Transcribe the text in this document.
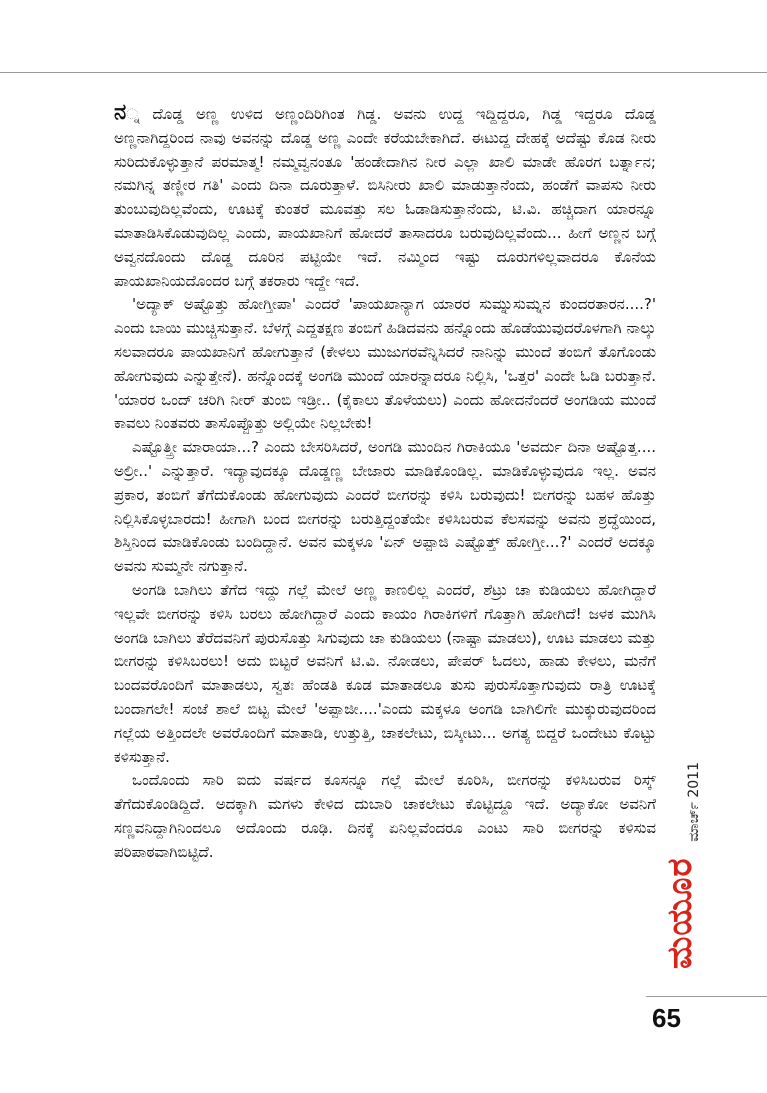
ನ್ನ ದೊಡ್ಡ ಅಣ್ಣ ಉಳಿದ ಅಣ್ಣಂದಿರಿಗಿಂತ ಗಿಡ್ಡ. ಅವನು ಉದ್ದ ಇದ್ದಿದ್ದರೂ, ಗಿಡ್ಡ ಇದ್ದರೂ ದೊಡ್ಡ ಅಣ್ಣನಾಗಿದ್ದರಿಂದ ನಾವು ಅವನನ್ನು ದೊಡ್ಡ ಅಣ್ಣ ಎಂದೇ ಕರೆಯಬೇಕಾಗಿದೆ. ಈಟುದ್ದ ದೇಹಕ್ಕೆ ಅದೆಷ್ಟು ಕೊಡ ನೀರು ಸುರಿದುಕೊಳ್ಳುತ್ತಾನೆ ಪರಮಾತ್ಮ! ನಮ್ಮವ್ವನಂತೂ 'ಹಂಡೇದಾಗಿನ ನೀರ ಎಲ್ಲಾ ಖಾಲಿ ಮಾಡೇ ಹೊರಗ ಬರ್ತ್ನಾನ; ನಮಗಿನ್ನ ತಣ್ಣೀರ ಗತಿ' ಎಂದು ದಿನಾ ದೂರುತ್ತಾಳೆ. ಬಿಸಿನೀರು ಖಾಲಿ ಮಾಡುತ್ತಾನೆಂದು, ಹಂಡೆಗೆ ವಾಪಸು ನೀರು ತುಂಬುವುದಿಲ್ಲವೆಂದು, ಊಟಕ್ಕೆ ಕುಂತರೆ ಮೂವತ್ತು ಸಲ ಓಡಾಡಿಸುತ್ತಾನೆಂದು, ಟಿ.ವಿ. ಹಚ್ಚಿದಾಗ ಯಾರನ್ನೂ ಮಾತಾಡಿಸಿಕೊಡುವುದಿಲ್ಲ ಎಂದು, ಪಾಯಖಾನಿಗೆ ಹೋದರೆ ತಾಸಾದರೂ ಬರುವುದಿಲ್ಲವೆಂದು... ಹೀಗೆ ಅಣ್ಣನ ಬಗ್ಗೆ ಅವ್ವನದೊಂದು ದೊಡ್ಡ ದೂರಿನ ಪಟ್ಟಿಯೇ ಇದೆ. ನಮ್ಮಿಂದ ಇಷ್ಟು ದೂರುಗಳಿಲ್ಲವಾದರೂ ಕೊನೆಯ ಪಾಯಖಾನಿಯದೊಂದರ ಬಗ್ಗೆ ತಕರಾರು ಇದ್ದೇ ಇದೆ.

'ಅದ್ಯಾಕ್ ಅಷ್ಟೊತ್ತು ಹೋಗ್ತೀಪಾ' ಎಂದರೆ 'ಪಾಯಖಾನ್ಯಾಗ ಯಾರರ ಸುಮ್ನುಸುಮ್ನನ ಕುಂದರತಾರನ....?' ಎಂದು ಬಾಯಿ ಮುಚ್ಚಿಸುತ್ತಾನೆ. ಬೆಳಗ್ಗೆ ಎದ್ದತಕ್ಷಣ ತಂಬಿಗೆ ಹಿಡಿದವನು ಹನ್ನೊಂದು ಹೊಡೆಯುವುದರೊಳಗಾಗಿ ನಾಲ್ಕು ಸಲವಾದರೂ ಪಾಯಖಾನಿಗೆ ಹೋಗುತ್ತಾನೆ (ಕೇಳಲು ಮುಜುಗರವೆನ್ನಿಸಿದರೆ ನಾನಿನ್ನು ಮುಂದೆ ತಂಬಿಗೆ ತೊಗೊಂಡು ಹೋಗುವುದು ಎನ್ನುತ್ತೇನೆ). ಹನ್ನೊಂದಕ್ಕೆ ಅಂಗಡಿ ಮುಂದೆ ಯಾರನ್ನಾದರೂ ನಿಲ್ಲಿಸಿ, 'ಒತ್ತರ' ಎಂದೇ ಓಡಿ ಬರುತ್ತಾನೆ. 'ಯಾರರ ಒಂದ್ ಚರಿಗಿ ನೀರ್ ತುಂಬಿ ಇಡ್ರೀ.. (ಕೈಕಾಲು ತೊಳೆಯಲು) ಎಂದು ಹೋದನೆಂದರೆ ಅಂಗಡಿಯ ಮುಂದೆ ಕಾವಲು ನಿಂತವರು ತಾಸೊಪ್ಪೊತ್ತು ಅಲ್ಲಿಯೇ ನಿಲ್ಲಬೇಕು!

ಎಷ್ಟೊತ್ತ್ರೀ ಮಾರಾಯಾ...? ಎಂದು ಬೇಸರಿಸಿದರೆ, ಅಂಗಡಿ ಮುಂದಿನ ಗಿರಾಕಿಯೂ 'ಅವರ್ದು ದಿನಾ ಅಷ್ಟೊತ್ತ.... ಅಲ್ರೀ..' ಎನ್ನುತ್ತಾರೆ. ಇದ್ಯಾವುದಕ್ಕೂ ದೊಡ್ಡಣ್ಣ ಬೇಜಾರು ಮಾಡಿಕೊಂಡಿಲ್ಲ. ಮಾಡಿಕೊಳ್ಳುವುದೂ ಇಲ್ಲ. ಅವನ ಪ್ರಕಾರ, ತಂಬಿಗೆ ತೆಗೆದುಕೊಂಡು ಹೋಗುವುದು ಎಂದರೆ ಬೀಗರನ್ನು ಕಳಿಸಿ ಬರುವುದು! ಬೀಗರನ್ನು ಬಹಳ ಹೊತ್ತು ನಿಲ್ಲಿಸಿಕೊಳ್ಳಬಾರದು! ಹೀಗಾಗಿ ಬಂದ ಬೀಗರನ್ನು ಬರುತ್ತಿದ್ದಂತೆಯೇ ಕಳಿಸಿಬರುವ ಕೆಲಸವನ್ನು ಅವನು ಶ್ರದ್ಧೆಯಿಂದ, ಶಿಸ್ತಿನಿಂದ ಮಾಡಿಕೊಂಡು ಬಂದಿದ್ದಾನೆ. ಅವನ ಮಕ್ಕಳೂ 'ಏನ್ ಅಪ್ಪಾಜಿ ಎಷ್ಟೊತ್ತ್ ಹೋಗ್ತೀ...?' ಎಂದರೆ ಅದಕ್ಕೂ ಅವನು ಸುಮ್ಮನೇ ನಗುತ್ತಾನೆ.

ಅಂಗಡಿ ಬಾಗಿಲು ತೆಗೆದ ಇದ್ದು ಗಲ್ಲೆ ಮೇಲೆ ಅಣ್ಣ ಕಾಣಲಿಲ್ಲ ಎಂದರೆ, ಶೆಟ್ರು ಚಾ ಕುಡಿಯಲು ಹೋಗಿದ್ದಾರೆ ಇಲ್ಲವೇ ಬೀಗರನ್ನು ಕಳಿಸಿ ಬರಲು ಹೋಗಿದ್ದಾರೆ ಎಂದು ಕಾಯಂ ಗಿರಾಕಿಗಳಿಗೆ ಗೊತ್ತಾಗಿ ಹೋಗಿದೆ! ಜಳಕ ಮುಗಿಸಿ ಅಂಗಡಿ ಬಾಗಿಲು ತೆರೆದವನಿಗೆ ಪುರುಸೊತ್ತು ಸಿಗುವುದು ಚಾ ಕುಡಿಯಲು (ನಾಷ್ಟಾ ಮಾಡಲು), ಊಟ ಮಾಡಲು ಮತ್ತು ಬೀಗರನ್ನು ಕಳಿಸಿಬರಲು! ಅದು ಬಿಟ್ಟರೆ ಅವನಿಗೆ ಟಿ.ವಿ. ನೋಡಲು, ಪೇಪರ್ ಓದಲು, ಹಾಡು ಕೇಳಲು, ಮನೆಗೆ ಬಂದವರೊಂದಿಗೆ ಮಾತಾಡಲು, ಸ್ವತಃ ಹೆಂಡತಿ ಕೂಡ ಮಾತಾಡಲೂ ತುಸು ಪುರುಸೊತ್ತಾಗುವುದು ರಾತ್ರಿ ಊಟಕ್ಕೆ ಬಂದಾಗಲೇ! ಸಂಜೆ ಶಾಲೆ ಬಿಟ್ಟ ಮೇಲೆ 'ಅಪ್ಪಾಜೀ....'ಎಂದು ಮಕ್ಕಳೂ ಅಂಗಡಿ ಬಾಗಿಲಿಗೇ ಮುಕ್ಕುರುವುದರಿಂದ ಗಲ್ಲೆಯ ಅತ್ತಿಂದಲೇ ಅವರೊಂದಿಗೆ ಮಾತಾಡಿ, ಉತ್ತುತ್ತಿ, ಚಾಕಲೇಟು, ಬಿಸ್ಕೀಟು... ಅಗತ್ಯ ಬಿದ್ದರೆ ಒಂದೇಟು ಕೊಟ್ಟು ಕಳಿಸುತ್ತಾನೆ.

ಒಂದೊಂದು ಸಾರಿ ಐದು ವರ್ಷದ ಕೂಸನ್ನೂ ಗಲ್ಲೆ ಮೇಲೆ ಕೂರಿಸಿ, ಬೀಗರನ್ನು ಕಳಿಸಿಬರುವ ರಿಸ್ಕ್ ತೆಗೆದುಕೊಂಡಿದ್ದಿದೆ. ಅದಕ್ಕಾಗಿ ಮಗಳು ಕೇಳಿದ ದುಬಾರಿ ಚಾಕಲೇಟು ಕೊಟ್ಟಿದ್ದೂ ಇದೆ. ಅದ್ಯಾಕೋ ಅವನಿಗೆ ಸಣ್ಣವನಿದ್ದಾಗಿನಿಂದಲೂ ಅದೊಂದು ರೂಢಿ. ದಿನಕ್ಕೆ ಏನಿಲ್ಲವೆಂದರೂ ಎಂಟು ಸಾರಿ ಬೀಗರನ್ನು ಕಳಿಸುವ ಪರಿಪಾಠವಾಗಿಬಿಟ್ಟಿದೆ.

ಮಾರ್ಚ್ 2011
ಮಯೂರ
65
